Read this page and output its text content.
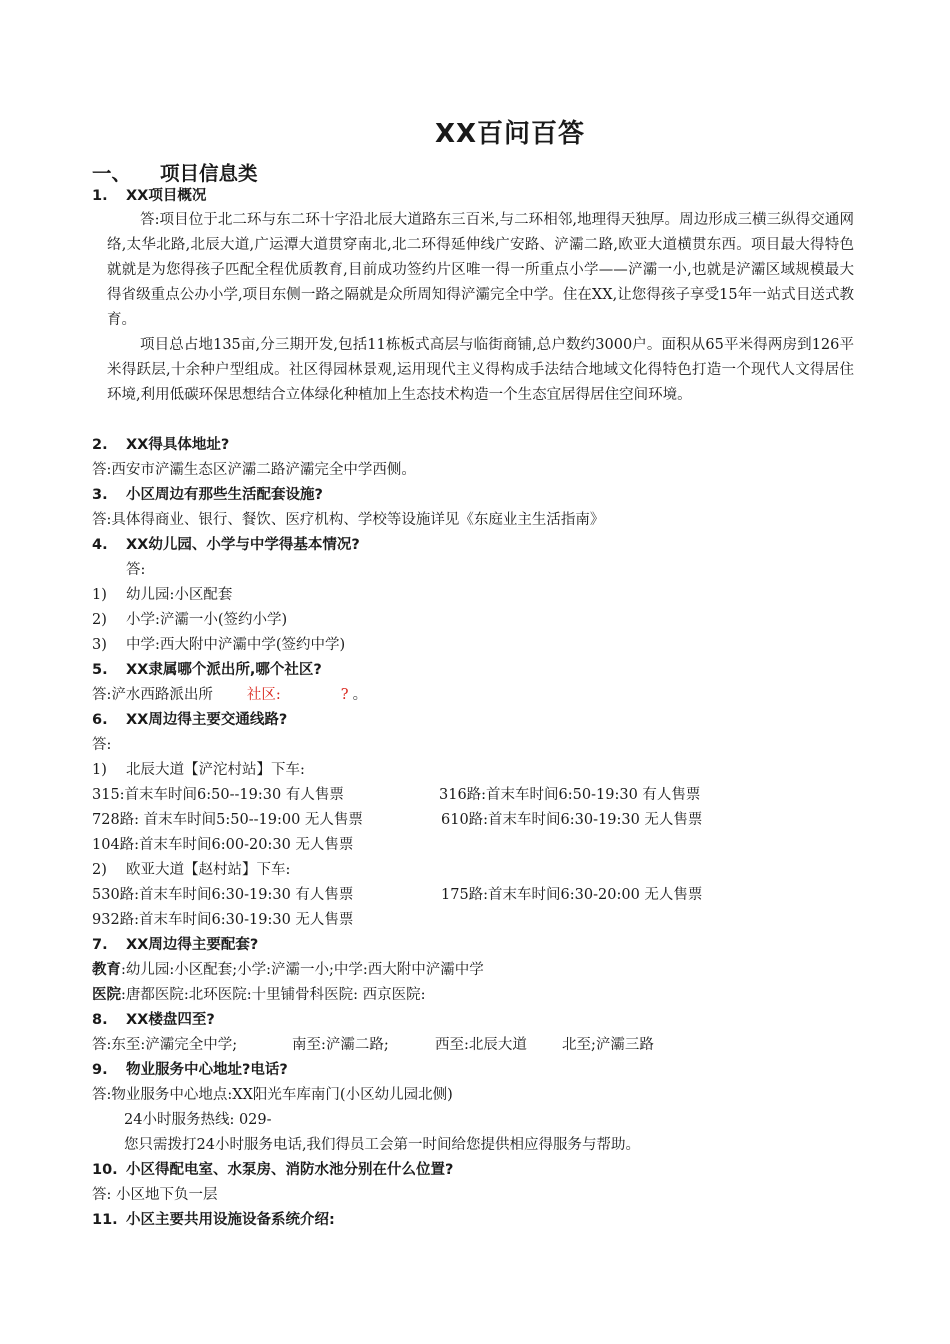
XX百问百答
一、 项目信息类
1. XX项目概况
答:项目位于北二环与东二环十字沿北辰大道路东三百米,与二环相邻,地理得天独厚。周边形成三横三纵得交通网络,太华北路,北辰大道,广运潭大道贯穿南北,北二环得延伸线广安路、浐灞二路,欧亚大道横贯东西。项目最大得特色就就是为您得孩子匹配全程优质教育,目前成功签约片区唯一得一所重点小学——浐灞一小,也就是浐灞区域规模最大得省级重点公办小学,项目东侧一路之隔就是众所周知得浐灞完全中学。住在XX,让您得孩子享受15年一站式目送式教育。
项目总占地135亩,分三期开发,包括11栋板式高层与临街商铺,总户数约3000户。面积从65平米得两房到126平米得跃层,十余种户型组成。社区得园林景观,运用现代主义得构成手法结合地域文化得特色打造一个现代人文得居住环境,利用低碳环保思想结合立体绿化种植加上生态技术构造一个生态宜居得居住空间环境。
2. XX得具体地址?
答:西安市浐灞生态区浐灞二路浐灞完全中学西侧。
3. 小区周边有那些生活配套设施?
答:具体得商业、银行、餐饮、医疗机构、学校等设施详见《东庭业主生活指南》
4. XX幼儿园、小学与中学得基本情况?
答:
1) 幼儿园:小区配套
2) 小学:浐灞一小(签约小学)
3) 中学:西大附中浐灞中学(签约中学)
5. XX隶属哪个派出所,哪个社区?
答:浐水西路派出所 社区:	? 。
6. XX周边得主要交通线路?
答:
1) 北辰大道【浐沱村站】下车:
315:首末车时间6:50--19:30 有人售票	316路:首末车时间6:50-19:30 有人售票
728路: 首末车时间5:50--19:00 无人售票	610路:首末车时间6:30-19:30 无人售票
104路:首末车时间6:00-20:30 无人售票
2) 欧亚大道【赵村站】下车:
530路:首末车时间6:30-19:30 有人售票	175路:首末车时间6:30-20:00 无人售票
932路:首末车时间6:30-19:30 无人售票
7. XX周边得主要配套?
教育:幼儿园:小区配套;小学:浐灞一小;中学:西大附中浐灞中学
医院:唐都医院:北环医院:十里铺骨科医院: 西京医院:
8. XX楼盘四至?
答:东至:浐灞完全中学;	南至:浐灞二路;	西至:北辰大道 北至;浐灞三路
9. 物业服务中心地址?电话?
答:物业服务中心地点:XX阳光车库南门(小区幼儿园北侧)
24小时服务热线: 029-
您只需拨打24小时服务电话,我们得员工会第一时间给您提供相应得服务与帮助。
10. 小区得配电室、水泵房、消防水池分别在什么位置?
答: 小区地下负一层
11. 小区主要共用设施设备系统介绍:
